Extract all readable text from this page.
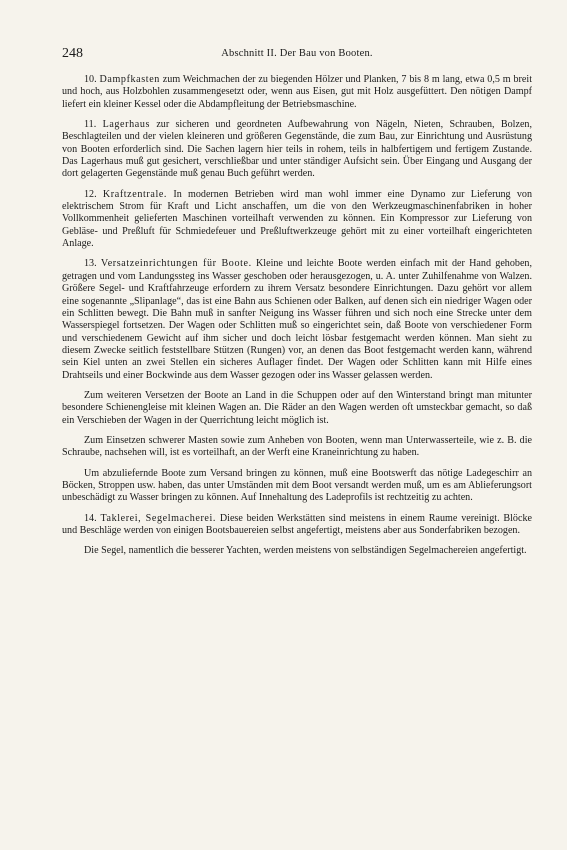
248	Abschnitt II. Der Bau von Booten.

10. Dampfkasten zum Weichmachen der zu biegenden Hölzer und Planken, 7 bis 8 m lang, etwa 0,5 m breit und hoch, aus Holzbohlen zusammengesetzt oder, wenn aus Eisen, gut mit Holz ausgefüttert. Den nötigen Dampf liefert ein kleiner Kessel oder die Abdampfleitung der Betriebsmaschine.

11. Lagerhaus zur sicheren und geordneten Aufbewahrung von Nägeln, Nieten, Schrauben, Bolzen, Beschlagteilen und der vielen kleineren und größeren Gegenstände, die zum Bau, zur Einrichtung und Ausrüstung von Booten erforderlich sind. Die Sachen lagern hier teils in rohem, teils in halbfertigem und fertigem Zustande. Das Lagerhaus muß gut gesichert, verschließbar und unter ständiger Aufsicht sein. Über Eingang und Ausgang der dort gelagerten Gegenstände muß genau Buch geführt werden.

12. Kraftzentrale. In modernen Betrieben wird man wohl immer eine Dynamo zur Lieferung von elektrischem Strom für Kraft und Licht anschaffen, um die von den Werkzeugmaschinenfabriken in hoher Vollkommenheit gelieferten Maschinen vorteilhaft verwenden zu können. Ein Kompressor zur Lieferung von Gebläse- und Preßluft für Schmiedefeuer und Preßluftwerkzeuge gehört mit zu einer vorteilhaft eingerichteten Anlage.

13. Versatzeinrichtungen für Boote. Kleine und leichte Boote werden einfach mit der Hand gehoben, getragen und vom Landungssteg ins Wasser geschoben oder herausgezogen, u. A. unter Zuhilfenahme von Walzen. Größere Segel- und Kraftfahrzeuge erfordern zu ihrem Versatz besondere Einrichtungen. Dazu gehört vor allem eine sogenannte „Slipanlage“, das ist eine Bahn aus Schienen oder Balken, auf denen sich ein niedriger Wagen oder ein Schlitten bewegt. Die Bahn muß in sanfter Neigung ins Wasser führen und sich noch eine Strecke unter dem Wasserspiegel fortsetzen. Der Wagen oder Schlitten muß so eingerichtet sein, daß Boote von verschiedener Form und verschiedenem Gewicht auf ihm sicher und doch leicht lösbar festgemacht werden können. Man sieht zu diesem Zwecke seitlich feststellbare Stützen (Rungen) vor, an denen das Boot festgemacht werden kann, während sein Kiel unten an zwei Stellen ein sicheres Auflager findet. Der Wagen oder Schlitten kann mit Hilfe eines Drahtseils und einer Bockwinde aus dem Wasser gezogen oder ins Wasser gelassen werden.

Zum weiteren Versetzen der Boote an Land in die Schuppen oder auf den Winterstand bringt man mitunter besondere Schienengleise mit kleinen Wagen an. Die Räder an den Wagen werden oft umsteckbar gemacht, so daß ein Verschieben der Wagen in der Querrichtung leicht möglich ist.

Zum Einsetzen schwerer Masten sowie zum Anheben von Booten, wenn man Unterwasserteile, wie z. B. die Schraube, nachsehen will, ist es vorteilhaft, an der Werft eine Kraneinrichtung zu haben.

Um abzuliefernde Boote zum Versand bringen zu können, muß eine Bootswerft das nötige Ladegeschirr an Böcken, Stroppen usw. haben, das unter Umständen mit dem Boot versandt werden muß, um es am Ablieferungsort unbeschädigt zu Wasser bringen zu können. Auf Innehaltung des Ladeprofils ist rechtzeitig zu achten.

14. Taklerei, Segelmacherei. Diese beiden Werkstätten sind meistens in einem Raume vereinigt. Blöcke und Beschläge werden von einigen Bootsbauereien selbst angefertigt, meistens aber aus Sonderfabriken bezogen.

Die Segel, namentlich die besserer Yachten, werden meistens von selbständigen Segelmachereien angefertigt.
